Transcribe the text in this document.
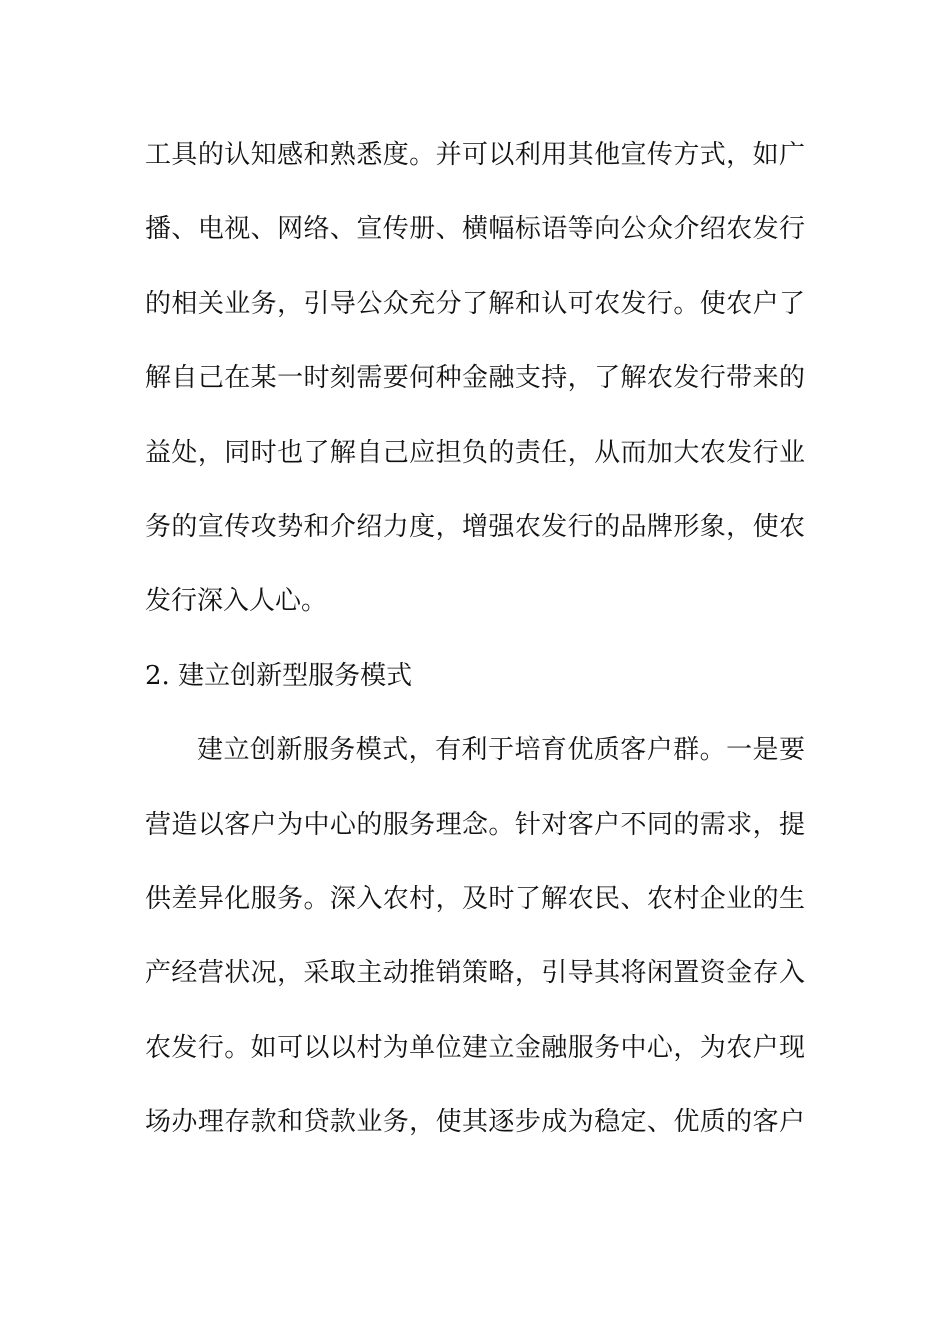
工具的认知感和熟悉度。并可以利用其他宣传方式，如广
播、电视、网络、宣传册、横幅标语等向公众介绍农发行
的相关业务，引导公众充分了解和认可农发行。使农户了
解自己在某一时刻需要何种金融支持，了解农发行带来的
益处，同时也了解自己应担负的责任，从而加大农发行业
务的宣传攻势和介绍力度，增强农发行的品牌形象，使农
发行深入人心。
2. 建立创新型服务模式
建立创新服务模式，有利于培育优质客户群。一是要
营造以客户为中心的服务理念。针对客户不同的需求，提
供差异化服务。深入农村，及时了解农民、农村企业的生
产经营状况，采取主动推销策略，引导其将闲置资金存入
农发行。如可以以村为单位建立金融服务中心，为农户现
场办理存款和贷款业务，使其逐步成为稳定、优质的客户
